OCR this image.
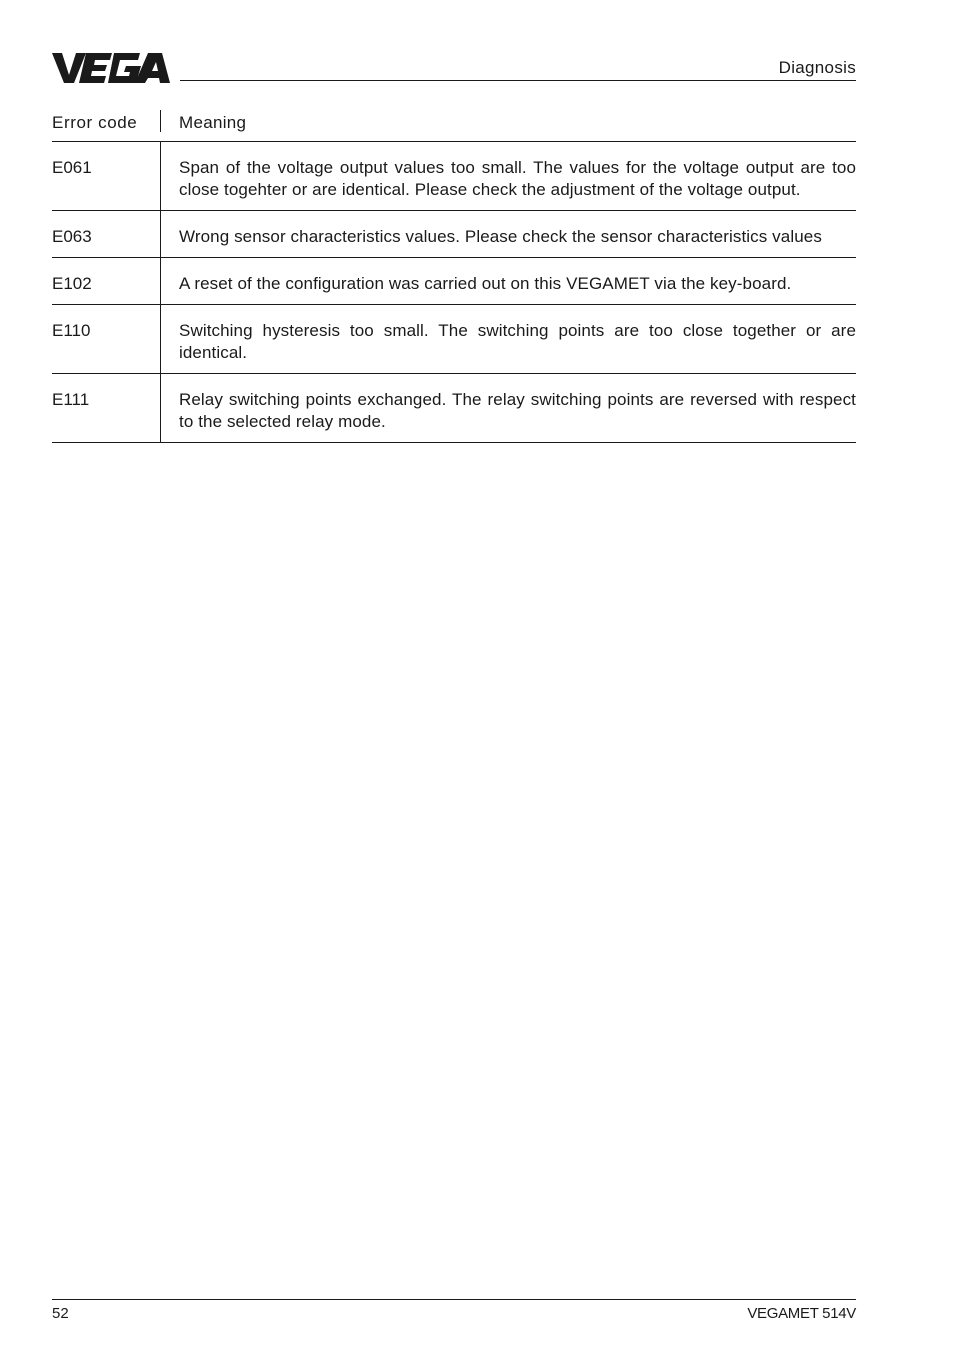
Diagnosis
Error code	Meaning
E061	Span of the voltage output values too small. The values for the voltage output are too close togehter or are identical. Please check the adjustment of the voltage output.
E063	Wrong sensor characteristics values. Please check the sensor characteristics values
E102	A reset of the configuration was carried out on this VEGAMET via the key-board.
E110	Switching hysteresis too small. The switching points are too close together or are identical.
E111	Relay switching points exchanged. The relay switching points are reversed with respect to the selected relay mode.
52	VEGAMET 514V
